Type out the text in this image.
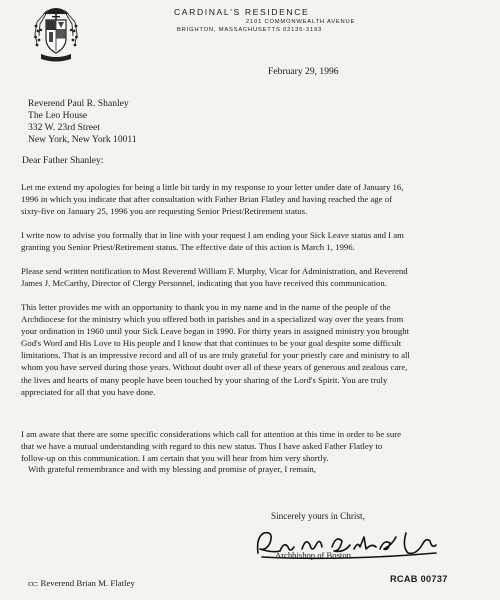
CARDINAL'S RESIDENCE
2101 COMMONWEALTH AVENUE
BRIGHTON, MASSACHUSETTS 02135-3193
February 29, 1996
Reverend Paul R. Shanley
The Leo House
332 W. 23rd Street
New York, New York 10011
Dear Father Shanley:
Let me extend my apologies for being a little bit tardy in my response to your letter under date of January 16,
1996 in which you indicate that after consultation with Father Brian Flatley and having reached the age of
sixty-five on January 25, 1996 you are requesting Senior Priest/Retirement status.
I write now to advise you formally that in line with your request I am ending your Sick Leave status and I am
granting you Senior Priest/Retirement status. The effective date of this action is March 1, 1996.
Please send written notification to Most Reverend William F. Murphy, Vicar for Administration, and Reverend
James J. McCarthy, Director of Clergy Personnel, indicating that you have received this communication.
This letter provides me with an opportunity to thank you in my name and in the name of the people of the
Archdiocese for the ministry which you offered both in parishes and in a specialized way over the years from
your ordination in 1960 until your Sick Leave began in 1990. For thirty years in assigned ministry you brought
God's Word and His Love to His people and I know that that continues to be your goal despite some difficult
limitations. That is an impressive record and all of us are truly grateful for your priestly care and ministry to all
whom you have served during those years. Without doubt over all of these years of generous and zealous care,
the lives and hearts of many people have been touched by your sharing of the Lord's Spirit. You are truly
appreciated for all that you have done.
I am aware that there are some specific considerations which call for attention at this time in order to be sure
that we have a mutual understanding with regard to this new status. Thus I have asked Father Flatley to
follow-up on this communication. I am certain that you will hear from him very shortly.
With grateful remembrance and with my blessing and promise of prayer, I remain,
Sincerely yours in Christ,
Archbishop of Boston
cc: Reverend Brian M. Flatley	RCAB 00737
